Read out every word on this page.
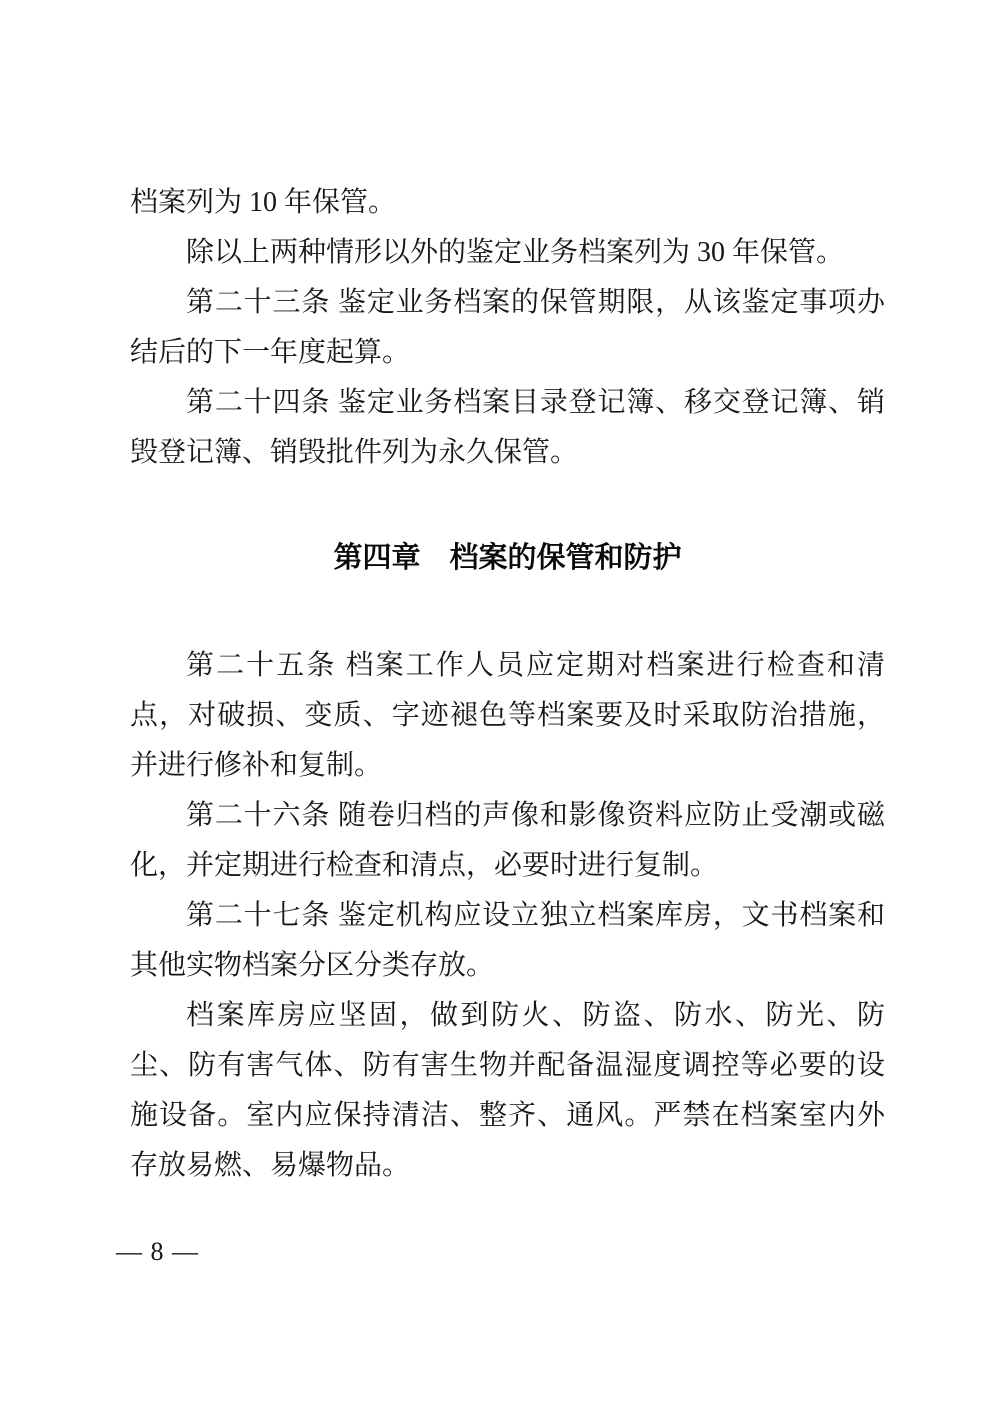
档案列为 10 年保管。

除以上两种情形以外的鉴定业务档案列为 30 年保管。

第二十三条 鉴定业务档案的保管期限，从该鉴定事项办结后的下一年度起算。

第二十四条 鉴定业务档案目录登记簿、移交登记簿、销毁登记簿、销毁批件列为永久保管。

第四章　档案的保管和防护

第二十五条 档案工作人员应定期对档案进行检查和清点，对破损、变质、字迹褪色等档案要及时采取防治措施，并进行修补和复制。

第二十六条 随卷归档的声像和影像资料应防止受潮或磁化，并定期进行检查和清点，必要时进行复制。

第二十七条 鉴定机构应设立独立档案库房，文书档案和其他实物档案分区分类存放。

档案库房应坚固，做到防火、防盗、防水、防光、防尘、防有害气体、防有害生物并配备温湿度调控等必要的设施设备。室内应保持清洁、整齐、通风。严禁在档案室内外存放易燃、易爆物品。

— 8 —
